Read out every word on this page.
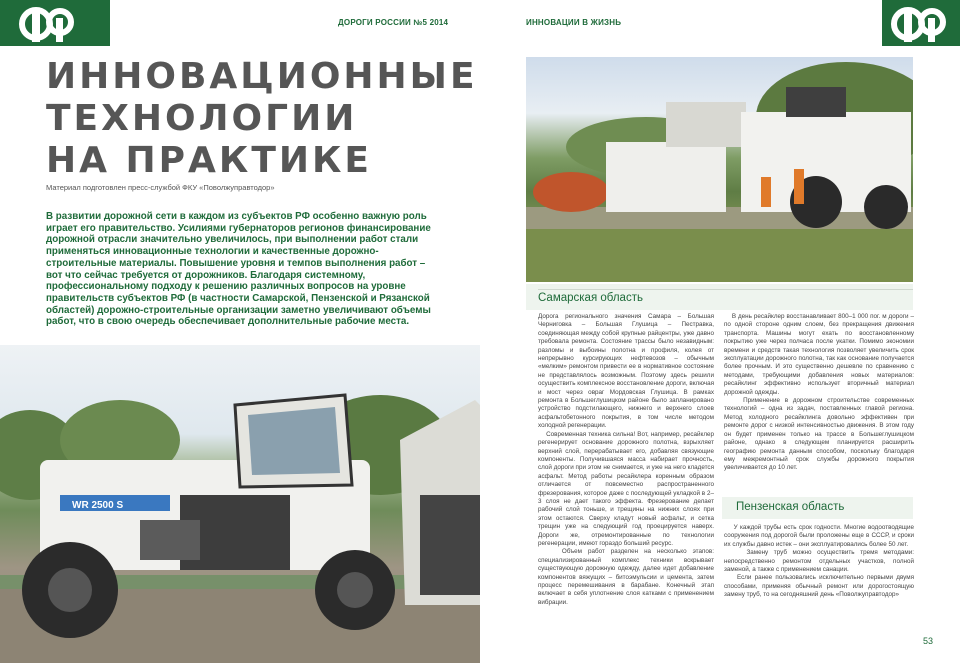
ДОРОГИ РОССИИ №5 2014	ИННОВАЦИИ В ЖИЗНЬ
ИННОВАЦИОННЫЕ
ТЕХНОЛОГИИ
НА ПРАКТИКЕ
Материал подготовлен пресс-службой ФКУ «Поволжуправтодор»
В развитии дорожной сети в каждом из субъектов РФ особенно важную роль играет его правительство. Усилиями губернаторов регионов финансирование дорожной отрасли значительно увеличилось, при выполнении работ стали применяться инновационные технологии и качественные дорожно-строительные материалы. Повышение уровня и темпов выполнения работ – вот что сейчас требуется от дорожников. Благодаря системному, профессиональному подходу к решению различных вопросов на уровне правительств субъектов РФ (в частности Самарской, Пензенской и Рязанской областей) дорожно-строительные организации заметно увеличивают объемы работ, что в свою очередь обеспечивает дополнительные рабочие места.
WR 2500 S
Самарская область
Дорога регионального значения Самара – Большая Черниговка – Большая Глушица – Пестравка, соединяющая между собой крупные райцентры, уже давно требовала ремонта. Состояние трассы было незавидным: разломы и выбоины полотна и профиля, колея от непрерывно курсирующих нефтевозов – обычным «мелким» ремонтом привести ее в нормативное состояние не представлялось возможным. Поэтому здесь решили осуществить комплексное восстановление дороги, включая и мост через овраг Мордовская Глушица. В рамках ремонта в Большеглушицком районе было запланировано устройство подстилающего, нижнего и верхнего слоев асфальтобетонного покрытия, в том числе методом холодной регенерации.
Современная техника сильна! Вот, например, ресайклер регенерирует основание дорожного полотна, взрыхляет верхний слой, перерабатывает его, добавляя связующие компоненты. Получившаяся масса набирает прочность, слой дороги при этом не снимается, и уже на него кладется асфальт. Метод работы ресайклера коренным образом отличается от повсеместно распространенного фрезерования, которое даже с последующей укладкой в 2–3 слоя не дает такого эффекта. Фрезерование делает рабочий слой тоньше, и трещины на нижних слоях при этом остаются. Сверху кладут новый асфальт, и сетка трещин уже на следующий год проецируется наверх. Дороги же, отремонтированные по технологии регенерации, имеют гораздо больший ресурс.
Объем работ разделен на несколько этапов: специализированный комплекс техники вскрывает существующую дорожную одежду, далее идет добавление компонентов вяжущих – битоэмульсии и цемента, затем процесс перемешивания в барабане. Конечный этап включает в себя уплотнение слоя катками с применением вибрации.
В день ресайклер восстанавливает 800–1 000 пог. м дороги – по одной стороне одним слоем, без прекращения движения транспорта. Машины могут ехать по восстановленному покрытию уже через полчаса после укатки. Помимо экономии времени и средств такая технология позволяет увеличить срок эксплуатации дорожного полотна, так как основание получается более прочным. И это существенно дешевле по сравнению с методами, требующими добавления новых материалов: ресайклинг эффективно использует вторичный материал дорожной одежды.
Применение в дорожном строительстве современных технологий – одна из задач, поставленных главой региона. Метод холодного ресайклинга довольно эффективен при ремонте дорог с низкой интенсивностью движения. В этом году он будет применен только на трассе в Большеглушицком районе, однако в следующем планируется расширить географию ремонта данным способом, поскольку благодаря ему межремонтный срок службы дорожного покрытия увеличивается до 10 лет.
Пензенская область
У каждой трубы есть срок годности. Многие водоотводящие сооружения под дорогой были проложены еще в СССР, и сроки их службы давно истек – они эксплуатировались более 50 лет.
Замену труб можно осуществить тремя методами: непосредственно ремонтом отдельных участков, полной заменой, а также с применением санации.
Если ранее пользовались исключительно первыми двумя способами, применяя обычный ремонт или дорогостоящую замену труб, то на сегодняшний день «Поволжуправтодор»
53
